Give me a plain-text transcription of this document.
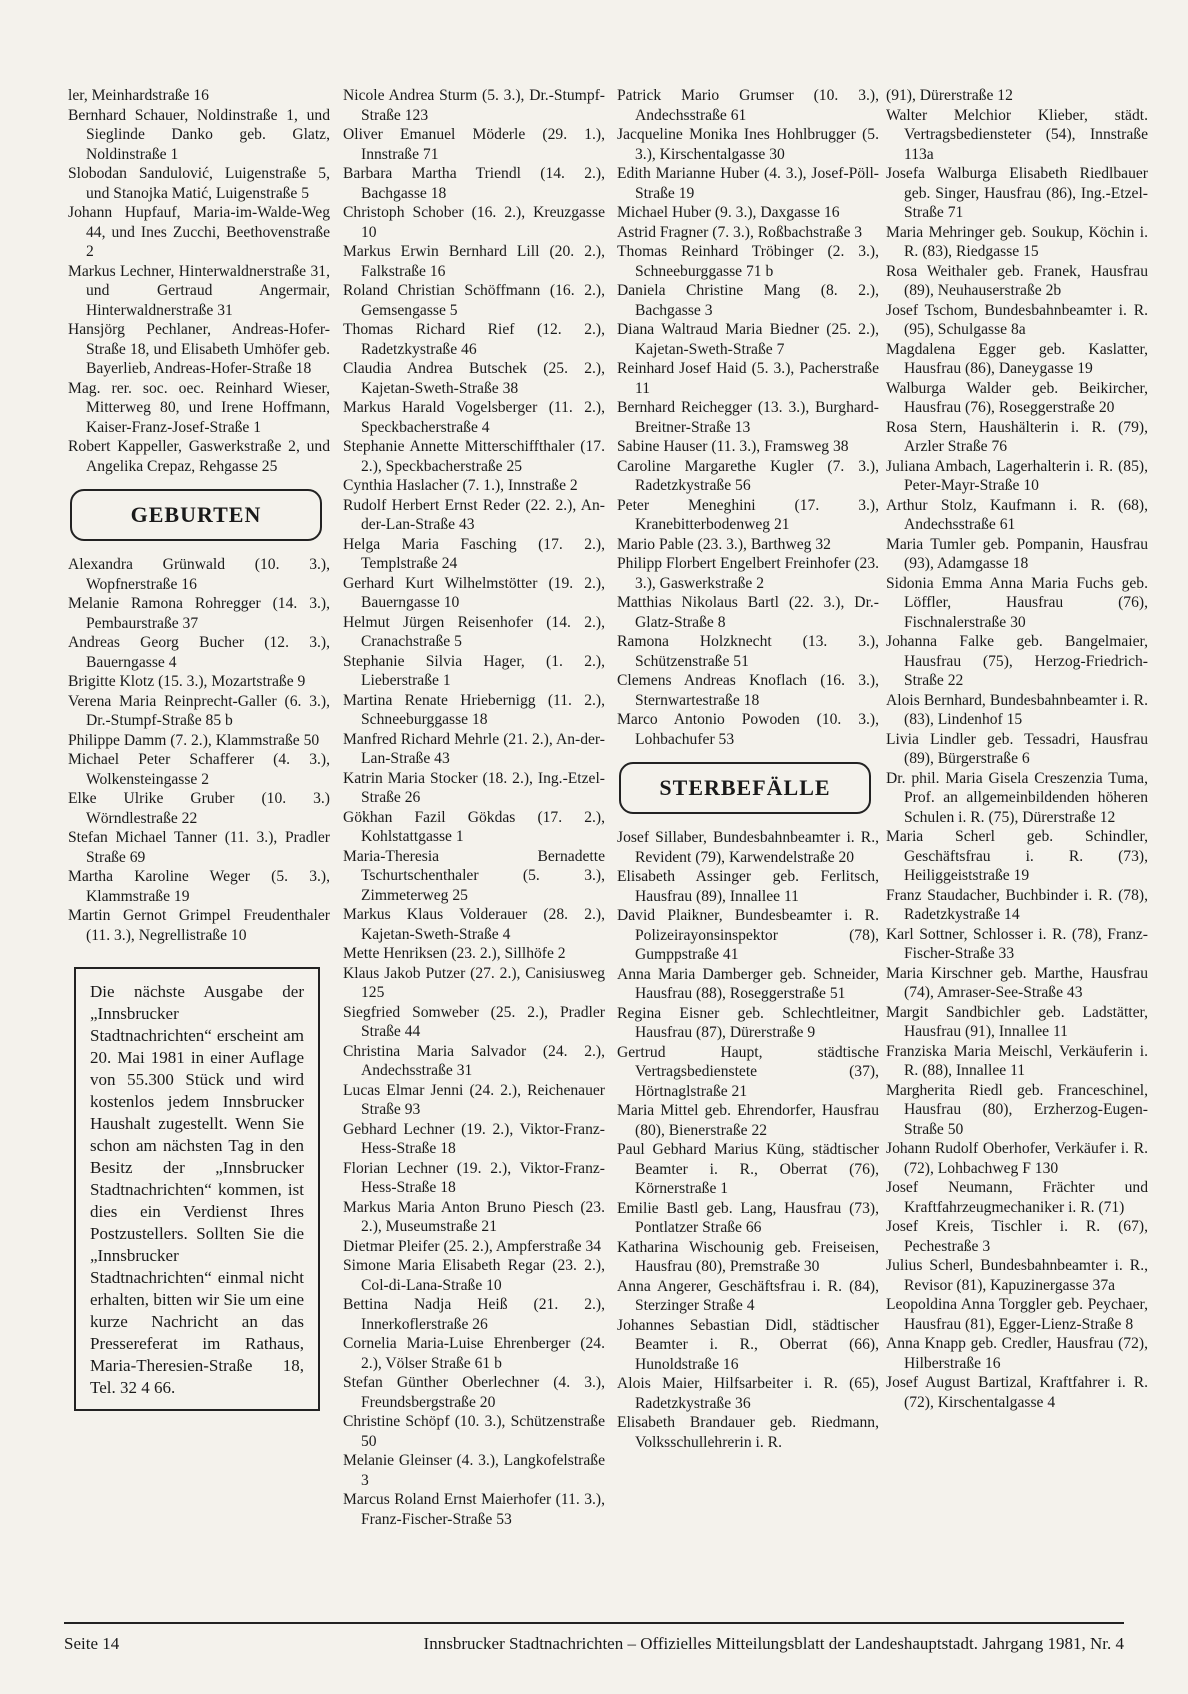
ler, Meinhardstraße 16
Bernhard Schauer, Noldinstraße 1, und Sieglinde Danko geb. Glatz, Noldinstraße 1
Slobodan Sandulović, Luigenstraße 5, und Stanojka Matić, Luigenstraße 5
Johann Hupfauf, Maria-im-Walde-Weg 44, und Ines Zucchi, Beethovenstraße 2
Markus Lechner, Hinterwaldnerstraße 31, und Gertraud Angermair, Hinterwaldnerstraße 31
Hansjörg Pechlaner, Andreas-Hofer-Straße 18, und Elisabeth Umhöfer geb. Bayerlieb, Andreas-Hofer-Straße 18
Mag. rer. soc. oec. Reinhard Wieser, Mitterweg 80, und Irene Hoffmann, Kaiser-Franz-Josef-Straße 1
Robert Kappeller, Gaswerkstraße 2, und Angelika Crepaz, Rehgasse 25
GEBURTEN
Alexandra Grünwald (10. 3.), Wopfnerstraße 16
Melanie Ramona Rohregger (14. 3.), Pembaurstraße 37
Andreas Georg Bucher (12. 3.), Bauerngasse 4
Brigitte Klotz (15. 3.), Mozartstraße 9
Verena Maria Reinprecht-Galler (6. 3.), Dr.-Stumpf-Straße 85 b
Philippe Damm (7. 2.), Klammstraße 50
Michael Peter Schafferer (4. 3.), Wolkensteingasse 2
Elke Ulrike Gruber (10. 3.) Wörndlestraße 22
Stefan Michael Tanner (11. 3.), Pradler Straße 69
Martha Karoline Weger (5. 3.), Klammstraße 19
Martin Gernot Grimpel Freudenthaler (11. 3.), Negrellistraße 10
Die nächste Ausgabe der „Innsbrucker Stadtnachrichten“ erscheint am 20. Mai 1981 in einer Auflage von 55.300 Stück und wird kostenlos jedem Innsbrucker Haushalt zugestellt. Wenn Sie schon am nächsten Tag in den Besitz der „Innsbrucker Stadtnachrichten“ kommen, ist dies ein Verdienst Ihres Postzustellers. Sollten Sie die „Innsbrucker Stadtnachrichten“ einmal nicht erhalten, bitten wir Sie um eine kurze Nachricht an das Pressereferat im Rathaus, Maria-Theresien-Straße 18, Tel. 32 4 66.
Nicole Andrea Sturm (5. 3.), Dr.-Stumpf-Straße 123
Oliver Emanuel Möderle (29. 1.), Innstraße 71
Barbara Martha Triendl (14. 2.), Bachgasse 18
Christoph Schober (16. 2.), Kreuzgasse 10
Markus Erwin Bernhard Lill (20. 2.), Falkstraße 16
Roland Christian Schöffmann (16. 2.), Gemsengasse 5
Thomas Richard Rief (12. 2.), Radetzkystraße 46
Claudia Andrea Butschek (25. 2.), Kajetan-Sweth-Straße 38
Markus Harald Vogelsberger (11. 2.), Speckbacherstraße 4
Stephanie Annette Mitterschiffthaler (17. 2.), Speckbacherstraße 25
Cynthia Haslacher (7. 1.), Innstraße 2
Rudolf Herbert Ernst Reder (22. 2.), An-der-Lan-Straße 43
Helga Maria Fasching (17. 2.), Templstraße 24
Gerhard Kurt Wilhelmstötter (19. 2.), Bauerngasse 10
Helmut Jürgen Reisenhofer (14. 2.), Cranachstraße 5
Stephanie Silvia Hager, (1. 2.), Lieberstraße 1
Martina Renate Hriebernigg (11. 2.), Schneeburggasse 18
Manfred Richard Mehrle (21. 2.), An-der-Lan-Straße 43
Katrin Maria Stocker (18. 2.), Ing.-Etzel-Straße 26
Gökhan Fazil Gökdas (17. 2.), Kohlstattgasse 1
Maria-Theresia Bernadette Tschurtschenthaler (5. 3.), Zimmeterweg 25
Markus Klaus Volderauer (28. 2.), Kajetan-Sweth-Straße 4
Mette Henriksen (23. 2.), Sillhöfe 2
Klaus Jakob Putzer (27. 2.), Canisiusweg 125
Siegfried Somweber (25. 2.), Pradler Straße 44
Christina Maria Salvador (24. 2.), Andechsstraße 31
Lucas Elmar Jenni (24. 2.), Reichenauer Straße 93
Gebhard Lechner (19. 2.), Viktor-Franz-Hess-Straße 18
Florian Lechner (19. 2.), Viktor-Franz-Hess-Straße 18
Markus Maria Anton Bruno Piesch (23. 2.), Museumstraße 21
Dietmar Pleifer (25. 2.), Ampferstraße 34
Simone Maria Elisabeth Regar (23. 2.), Col-di-Lana-Straße 10
Bettina Nadja Heiß (21. 2.), Innerkoflerstraße 26
Cornelia Maria-Luise Ehrenberger (24. 2.), Völser Straße 61 b
Stefan Günther Oberlechner (4. 3.), Freundsbergstraße 20
Christine Schöpf (10. 3.), Schützenstraße 50
Melanie Gleinser (4. 3.), Langkofelstraße 3
Marcus Roland Ernst Maierhofer (11. 3.), Franz-Fischer-Straße 53
Patrick Mario Grumser (10. 3.), Andechsstraße 61
Jacqueline Monika Ines Hohlbrugger (5. 3.), Kirschentalgasse 30
Edith Marianne Huber (4. 3.), Josef-Pöll-Straße 19
Michael Huber (9. 3.), Daxgasse 16
Astrid Fragner (7. 3.), Roßbachstraße 3
Thomas Reinhard Tröbinger (2. 3.), Schneeburggasse 71 b
Daniela Christine Mang (8. 2.), Bachgasse 3
Diana Waltraud Maria Biedner (25. 2.), Kajetan-Sweth-Straße 7
Reinhard Josef Haid (5. 3.), Pacherstraße 11
Bernhard Reichegger (13. 3.), Burghard-Breitner-Straße 13
Sabine Hauser (11. 3.), Framsweg 38
Caroline Margarethe Kugler (7. 3.), Radetzkystraße 56
Peter Meneghini (17. 3.), Kranebitterbodenweg 21
Mario Pable (23. 3.), Barthweg 32
Philipp Florbert Engelbert Freinhofer (23. 3.), Gaswerkstraße 2
Matthias Nikolaus Bartl (22. 3.), Dr.-Glatz-Straße 8
Ramona Holzknecht (13. 3.), Schützenstraße 51
Clemens Andreas Knoflach (16. 3.), Sternwartestraße 18
Marco Antonio Powoden (10. 3.), Lohbachufer 53
STERBEFÄLLE
Josef Sillaber, Bundesbahnbeamter i. R., Revident (79), Karwendelstraße 20
Elisabeth Assinger geb. Ferlitsch, Hausfrau (89), Innallee 11
David Plaikner, Bundesbeamter i. R. Polizeirayonsinspektor (78), Gumppstraße 41
Anna Maria Damberger geb. Schneider, Hausfrau (88), Roseggerstraße 51
Regina Eisner geb. Schlechtleitner, Hausfrau (87), Dürerstraße 9
Gertrud Haupt, städtische Vertragsbedienstete (37), Hörtnaglstraße 21
Maria Mittel geb. Ehrendorfer, Hausfrau (80), Bienerstraße 22
Paul Gebhard Marius Küng, städtischer Beamter i. R., Oberrat (76), Körnerstraße 1
Emilie Bastl geb. Lang, Hausfrau (73), Pontlatzer Straße 66
Katharina Wischounig geb. Freiseisen, Hausfrau (80), Premstraße 30
Anna Angerer, Geschäftsfrau i. R. (84), Sterzinger Straße 4
Johannes Sebastian Didl, städtischer Beamter i. R., Oberrat (66), Hunoldstraße 16
Alois Maier, Hilfsarbeiter i. R. (65), Radetzkystraße 36
Elisabeth Brandauer geb. Riedmann, Volksschullehrerin i. R.
(91), Dürerstraße 12
Walter Melchior Klieber, städt. Vertragsbediensteter (54), Innstraße 113a
Josefa Walburga Elisabeth Riedlbauer geb. Singer, Hausfrau (86), Ing.-Etzel-Straße 71
Maria Mehringer geb. Soukup, Köchin i. R. (83), Riedgasse 15
Rosa Weithaler geb. Franek, Hausfrau (89), Neuhauserstraße 2b
Josef Tschom, Bundesbahnbeamter i. R. (95), Schulgasse 8a
Magdalena Egger geb. Kaslatter, Hausfrau (86), Daneygasse 19
Walburga Walder geb. Beikircher, Hausfrau (76), Roseggerstraße 20
Rosa Stern, Haushälterin i. R. (79), Arzler Straße 76
Juliana Ambach, Lagerhalterin i. R. (85), Peter-Mayr-Straße 10
Arthur Stolz, Kaufmann i. R. (68), Andechsstraße 61
Maria Tumler geb. Pompanin, Hausfrau (93), Adamgasse 18
Sidonia Emma Anna Maria Fuchs geb. Löffler, Hausfrau (76), Fischnalerstraße 30
Johanna Falke geb. Bangelmaier, Hausfrau (75), Herzog-Friedrich-Straße 22
Alois Bernhard, Bundesbahnbeamter i. R. (83), Lindenhof 15
Livia Lindler geb. Tessadri, Hausfrau (89), Bürgerstraße 6
Dr. phil. Maria Gisela Creszenzia Tuma, Prof. an allgemeinbildenden höheren Schulen i. R. (75), Dürerstraße 12
Maria Scherl geb. Schindler, Geschäftsfrau i. R. (73), Heiliggeiststraße 19
Franz Staudacher, Buchbinder i. R. (78), Radetzkystraße 14
Karl Sottner, Schlosser i. R. (78), Franz-Fischer-Straße 33
Maria Kirschner geb. Marthe, Hausfrau (74), Amraser-See-Straße 43
Margit Sandbichler geb. Ladstätter, Hausfrau (91), Innallee 11
Franziska Maria Meischl, Verkäuferin i. R. (88), Innallee 11
Margherita Riedl geb. Franceschinel, Hausfrau (80), Erzherzog-Eugen-Straße 50
Johann Rudolf Oberhofer, Verkäufer i. R. (72), Lohbachweg F 130
Josef Neumann, Frächter und Kraftfahrzeugmechaniker i. R. (71)
Josef Kreis, Tischler i. R. (67), Pechestraße 3
Julius Scherl, Bundesbahnbeamter i. R., Revisor (81), Kapuzinergasse 37a
Leopoldina Anna Torggler geb. Peychaer, Hausfrau (81), Egger-Lienz-Straße 8
Anna Knapp geb. Credler, Hausfrau (72), Hilberstraße 16
Josef August Bartizal, Kraftfahrer i. R. (72), Kirschentalgasse 4
Seite 14	Innsbrucker Stadtnachrichten – Offizielles Mitteilungsblatt der Landeshauptstadt. Jahrgang 1981, Nr. 4
